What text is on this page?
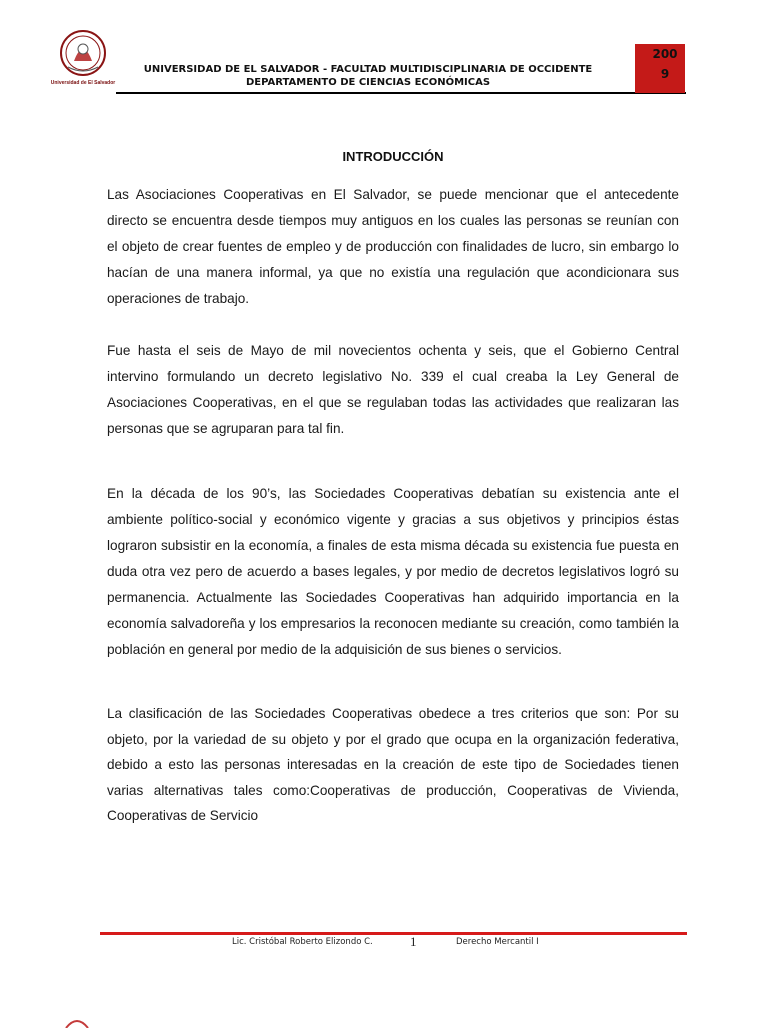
Universidad de El Salvador
UNIVERSIDAD DE EL SALVADOR - FACULTAD MULTIDISCIPLINARIA DE OCCIDENTE
DEPARTAMENTO DE CIENCIAS ECONÓMICAS
200
9
INTRODUCCIÓN
Las Asociaciones Cooperativas en El Salvador, se puede mencionar que el antecedente directo se encuentra desde tiempos muy antiguos en los cuales las personas se reunían con el objeto de crear fuentes de empleo y de producción con finalidades de lucro, sin embargo lo hacían de una manera informal, ya que no existía una regulación que acondicionara sus operaciones de trabajo.
Fue hasta el seis de Mayo de mil novecientos ochenta y seis, que el Gobierno Central intervino formulando un decreto legislativo No. 339 el cual creaba la Ley General de Asociaciones Cooperativas, en el que se regulaban todas las actividades que realizaran las personas que se agruparan para tal fin.
En la década de los 90’s, las Sociedades Cooperativas debatían su existencia ante el ambiente político-social y económico vigente y gracias a sus objetivos y principios éstas lograron subsistir en la economía, a finales de esta misma década su existencia fue puesta en duda otra vez pero de acuerdo a bases legales, y por medio de decretos legislativos logró su permanencia. Actualmente las Sociedades Cooperativas han adquirido importancia en la economía salvadoreña y los empresarios la reconocen mediante su creación, como también la población en general por medio de la adquisición de sus bienes o servicios.
La clasificación de las Sociedades Cooperativas obedece a tres criterios que son: Por su objeto, por la variedad de su objeto y por el grado que ocupa en la organización federativa, debido a esto las personas interesadas en la creación de este tipo de Sociedades tienen varias alternativas tales como:Cooperativas de producción, Cooperativas de Vivienda, Cooperativas de Servicio
Lic. Cristóbal Roberto Elizondo C.	1	Derecho Mercantil I
